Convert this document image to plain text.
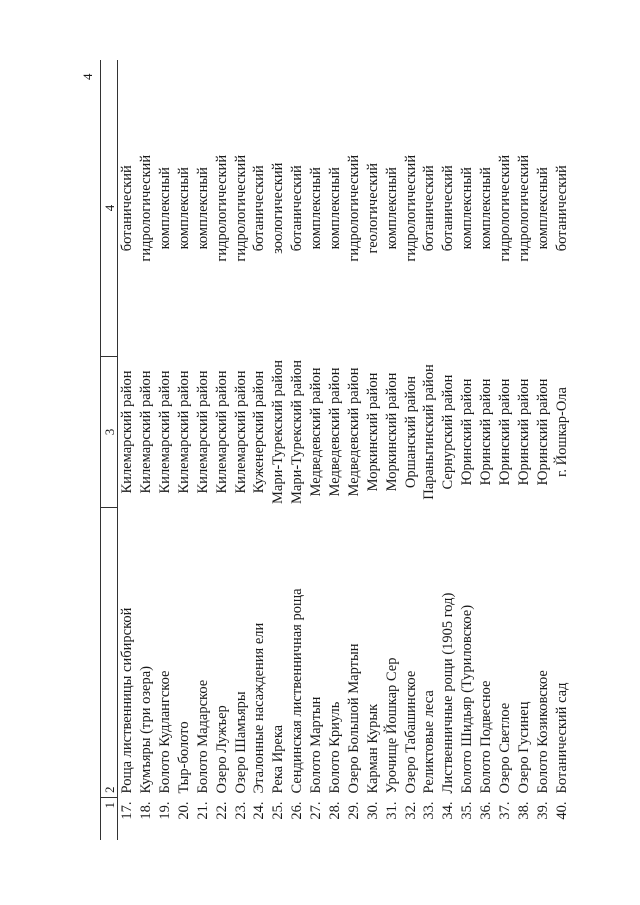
4
1	2	3	4
17.	Роща лиственницы сибирской	Килемарский район	ботанический
18.	Кумъяры (три озера)	Килемарский район	гидрологический
19.	Болото Кудлангское	Килемарский район	комплексный
20.	Тыр-болото	Килемарский район	комплексный
21.	Болото Мадарское	Килемарский район	комплексный
22.	Озеро Лужъер	Килемарский район	гидрологический
23.	Озеро Шамъяры	Килемарский район	гидрологический
24.	Эталонные насаждения ели	Куженерский район	ботанический
25.	Река Ирека	Мари-Турекский район	зоологический
26.	Сендинская лиственничная роща	Мари-Турекский район	ботанический
27.	Болото Мартын	Медведевский район	комплексный
28.	Болото Криуль	Медведевский район	комплексный
29.	Озеро Большой Мартын	Медведевский район	гидрологический
30.	Карман Курык	Моркинский район	геологический
31.	Урочище Йошкар Сер	Моркинский район	комплексный
32.	Озеро Табашинское	Оршанский район	гидрологический
33.	Реликтовые леса	Параньгинский район	ботанический
34.	Лиственничные рощи (1905 год)	Сернурский район	ботанический
35.	Болото Шидьяр (Туриловское)	Юринский район	комплексный
36.	Болото Подвесное	Юринский район	комплексный
37.	Озеро Светлое	Юринский район	гидрологический
38.	Озеро Гусинец	Юринский район	гидрологический
39.	Болото Козиковское	Юринский район	комплексный
40.	Ботанический сад	г. Йошкар-Ола	ботанический
